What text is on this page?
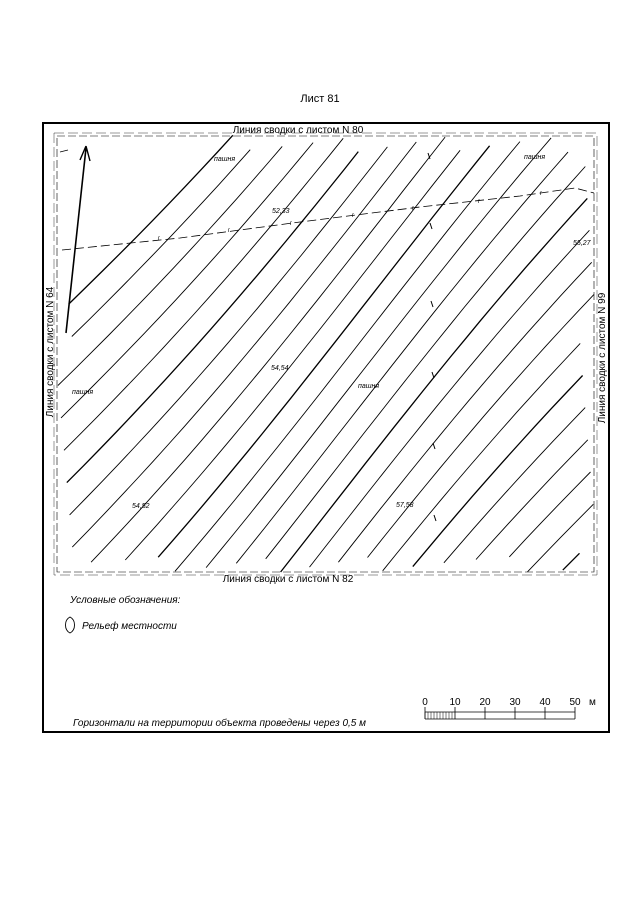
Лист 81
г
г
г
г
г
г
г
Линия сводки с листом N 80
Линия сводки с листом N 82
Линия сводки с листом N 64	Линия сводки с листом N 99
пашня	пашня
пашня
пашня
52,33
55,27
54,54
54,52	57,58
Условные обозначения:
Рельеф местности
Горизонтали на территории объекта проведены через 0,5 м
0 10 20 30 40 50 м
